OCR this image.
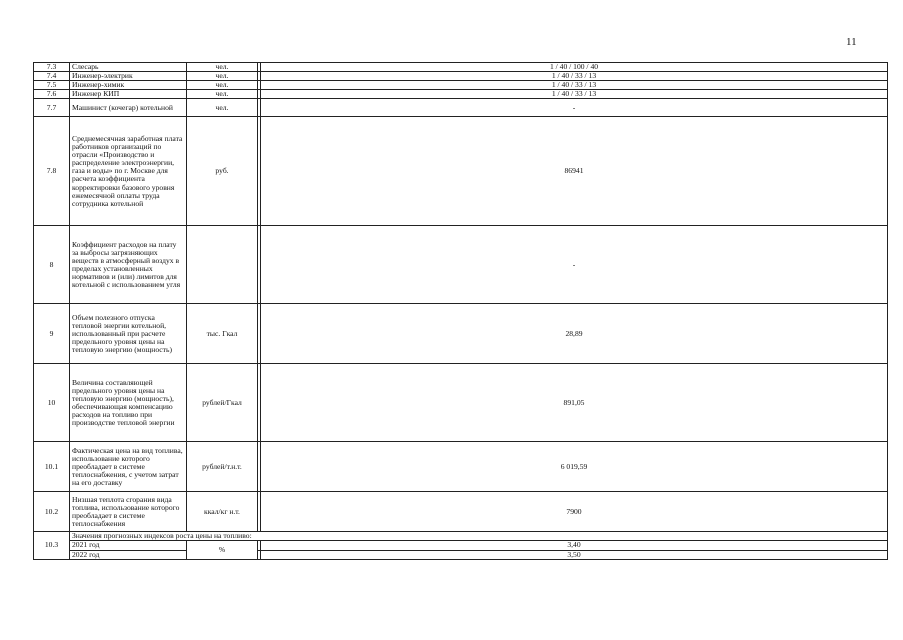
11
7.3	Слесарь	чел.		1 / 40 / 100 / 40
7.4	Инженер-электрик	чел.		1 / 40 / 33 / 13
7.5	Инженер-химик	чел.		1 / 40 / 33 / 13
7.6	Инженер КИП	чел.		1 / 40 / 33 / 13
7.7	Машинист (кочегар) котельной	чел.		-
7.8	Среднемесячная заработная плата работников организаций по отрасли «Производство и распределение электроэнергии, газа и воды» по г. Москве для расчета коэффициента корректировки базового уровня ежемесячной оплаты труда сотрудника котельной	руб.		86941
8	Коэффициент расходов на плату за выбросы загрязняющих веществ в атмосферный воздух в пределах установленных нормативов и (или) лимитов для котельной с использованием угля			-
9	Объем полезного отпуска тепловой энергии котельной, использованный при расчете предельного уровня цены на тепловую энергию (мощность)	тыс. Гкал		28,89
10	Величина составляющей предельного уровня цены на тепловую энергию (мощность), обеспечивающая компенсацию расходов на топливо при производстве тепловой энергии	рублей/Гкал		891,05
10.1	Фактическая цена на вид топлива, использование которого преобладает в системе теплоснабжения, с учетом затрат на его доставку	рублей/т.н.т.		6 019,59
10.2	Низшая теплота сгорания вида топлива, использование которого преобладает в системе теплоснабжения	ккал/кг н.т.		7900
10.3	Значения прогнозных индексов роста цены на топливо:			
	2021 год	%		3,40
	2022 год			3,50
